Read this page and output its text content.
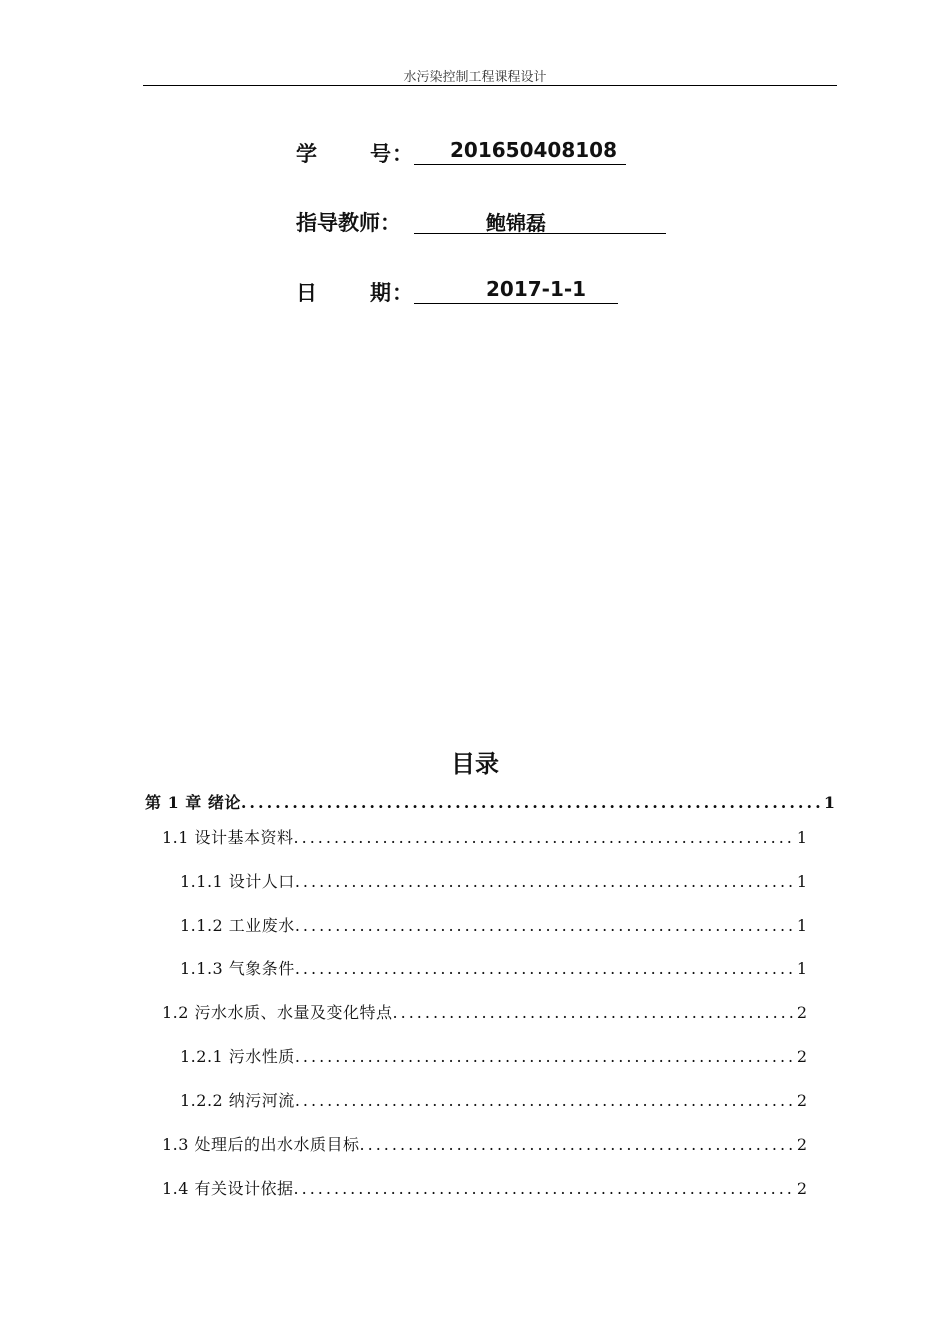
水污染控制工程课程设计
学	号 ： 201650408108
指导教师：	鲍锦磊
日	期 ：	2017-1-1
目录
第 1 章 绪论 .....	1
1.1 设计基本资料 .....	1
1.1.1 设计人口 .....	1
1.1.2 工业废水 .....	1
1.1.3 气象条件 .....	1
1.2 污水水质、水量及变化特点 .....	2
1.2.1 污水性质 .....	2
1.2.2 纳污河流 .....	2
1.3 处理后的出水水质目标 .....	2
1.4 有关设计依据 .....	2
